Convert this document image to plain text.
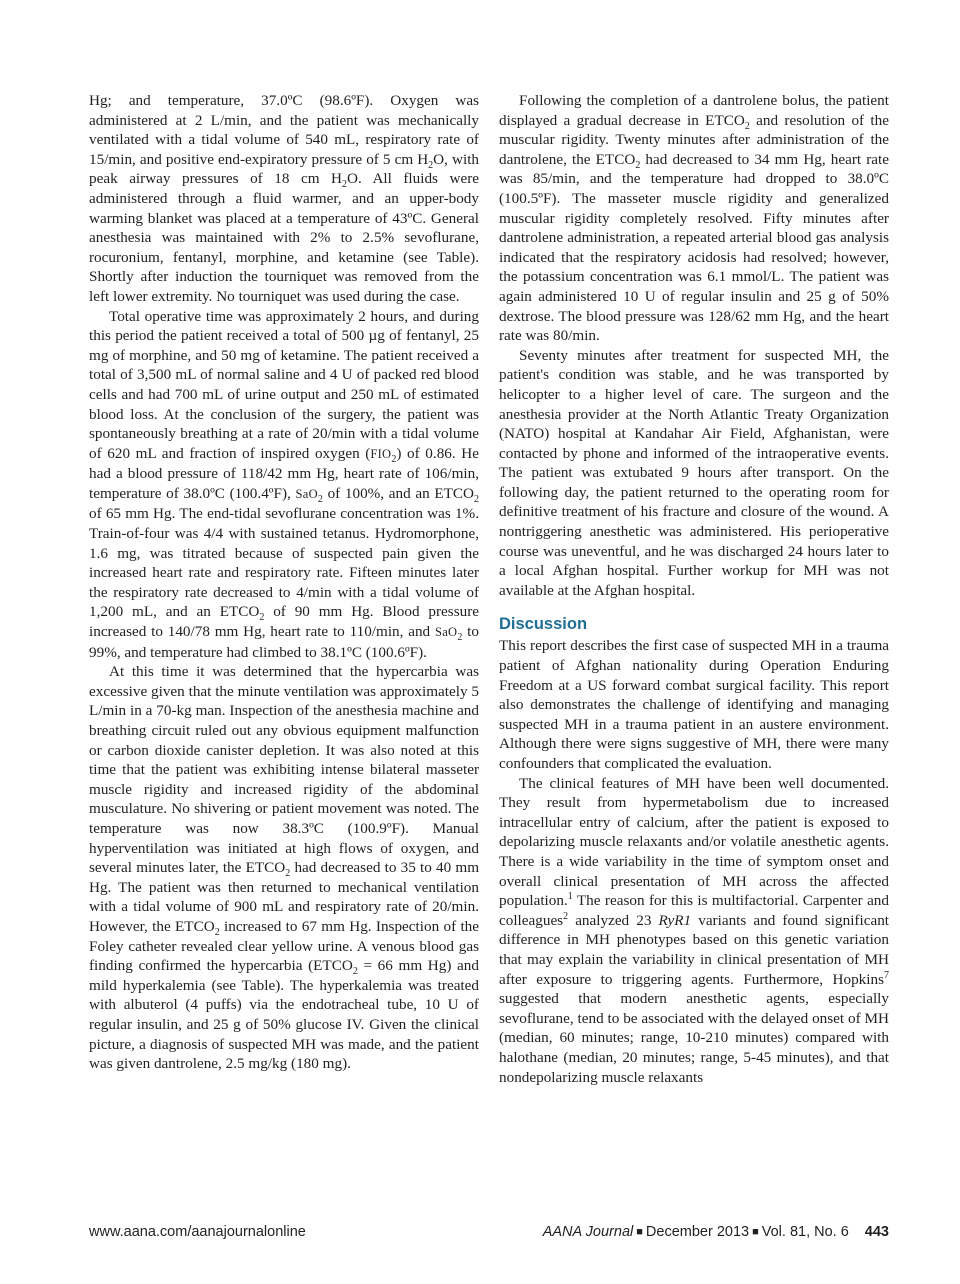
Hg; and temperature, 37.0ºC (98.6ºF). Oxygen was administered at 2 L/min, and the patient was mechanically ventilated with a tidal volume of 540 mL, respiratory rate of 15/min, and positive end-expiratory pressure of 5 cm $H_2O$, with peak airway pressures of 18 cm $H_2O$. All fluids were administered through a fluid warmer, and an upper-body warming blanket was placed at a temperature of 43ºC. General anesthesia was maintained with 2% to 2.5% sevoflurane, rocuronium, fentanyl, morphine, and ketamine (see Table). Shortly after induction the tourniquet was removed from the left lower extremity. No tourniquet was used during the case.

Total operative time was approximately 2 hours, and during this period the patient received a total of 500 µg of fentanyl, 25 mg of morphine, and 50 mg of ketamine. The patient received a total of 3,500 mL of normal saline and 4 U of packed red blood cells and had 700 mL of urine output and 250 mL of estimated blood loss. At the conclusion of the surgery, the patient was spontaneously breathing at a rate of 20/min with a tidal volume of 620 mL and fraction of inspired oxygen $(FIO_2)$ of 0.86. He had a blood pressure of 118/42 mm Hg, heart rate of 106/min, temperature of 38.0ºC (100.4ºF), SaO$_2$ of 100%, and an $ETCO_2$ of 65 mm Hg. The end-tidal sevoflurane concentration was 1%. Train-of-four was 4/4 with sustained tetanus. Hydromorphone, 1.6 mg, was titrated because of suspected pain given the increased heart rate and respiratory rate. Fifteen minutes later the respiratory rate decreased to 4/min with a tidal volume of 1,200 mL, and an $ETCO_2$ of 90 mm Hg. Blood pressure increased to 140/78 mm Hg, heart rate to 110/min, and SaO$_2$ to 99%, and temperature had climbed to 38.1ºC (100.6ºF).

At this time it was determined that the hypercarbia was excessive given that the minute ventilation was approximately 5 L/min in a 70-kg man. Inspection of the anesthesia machine and breathing circuit ruled out any obvious equipment malfunction or carbon dioxide canister depletion. It was also noted at this time that the patient was exhibiting intense bilateral masseter muscle rigidity and increased rigidity of the abdominal musculature. No shivering or patient movement was noted. The temperature was now 38.3ºC (100.9ºF). Manual hyperventilation was initiated at high flows of oxygen, and several minutes later, the $ETCO_2$ had decreased to 35 to 40 mm Hg. The patient was then returned to mechanical ventilation with a tidal volume of 900 mL and respiratory rate of 20/min. However, the $ETCO_2$ increased to 67 mm Hg. Inspection of the Foley catheter revealed clear yellow urine. A venous blood gas finding confirmed the hypercarbia ($ETCO_2 = 66$ mm Hg) and mild hyperkalemia (see Table). The hyperkalemia was treated with albuterol (4 puffs) via the endotracheal tube, 10 U of regular insulin, and 25 g of 50% glucose IV. Given the clinical picture, a diagnosis of suspected MH was made, and the patient was given dantrolene, 2.5 mg/kg (180 mg).

Following the completion of a dantrolene bolus, the patient displayed a gradual decrease in $ETCO_2$ and resolution of the muscular rigidity. Twenty minutes after administration of the dantrolene, the $ETCO_2$ had decreased to 34 mm Hg, heart rate was 85/min, and the temperature had dropped to 38.0ºC (100.5ºF). The masseter muscle rigidity and generalized muscular rigidity completely resolved. Fifty minutes after dantrolene administration, a repeated arterial blood gas analysis indicated that the respiratory acidosis had resolved; however, the potassium concentration was 6.1 mmol/L. The patient was again administered 10 U of regular insulin and 25 g of 50% dextrose. The blood pressure was 128/62 mm Hg, and the heart rate was 80/min.

Seventy minutes after treatment for suspected MH, the patient's condition was stable, and he was transported by helicopter to a higher level of care. The surgeon and the anesthesia provider at the North Atlantic Treaty Organization (NATO) hospital at Kandahar Air Field, Afghanistan, were contacted by phone and informed of the intraoperative events. The patient was extubated 9 hours after transport. On the following day, the patient returned to the operating room for definitive treatment of his fracture and closure of the wound. A nontriggering anesthetic was administered. His perioperative course was uneventful, and he was discharged 24 hours later to a local Afghan hospital. Further workup for MH was not available at the Afghan hospital.

Discussion

This report describes the first case of suspected MH in a trauma patient of Afghan nationality during Operation Enduring Freedom at a US forward combat surgical facility. This report also demonstrates the challenge of identifying and managing suspected MH in a trauma patient in an austere environment. Although there were signs suggestive of MH, there were many confounders that complicated the evaluation.

The clinical features of MH have been well documented. They result from hypermetabolism due to increased intracellular entry of calcium, after the patient is exposed to depolarizing muscle relaxants and/or volatile anesthetic agents. There is a wide variability in the time of symptom onset and overall clinical presentation of MH across the affected population.$^1$ The reason for this is multifactorial. Carpenter and colleagues$^2$ analyzed 23 RyR1 variants and found significant difference in MH phenotypes based on this genetic variation that may explain the variability in clinical presentation of MH after exposure to triggering agents. Furthermore, Hopkins$^7$ suggested that modern anesthetic agents, especially sevoflurane, tend to be associated with the delayed onset of MH (median, 60 minutes; range, 10-210 minutes) compared with halothane (median, 20 minutes; range, 5-45 minutes), and that nondepolarizing muscle relaxants

www.aana.com/aanajournalonline	AANA Journal ■ December 2013 ■ Vol. 81, No. 6 443
